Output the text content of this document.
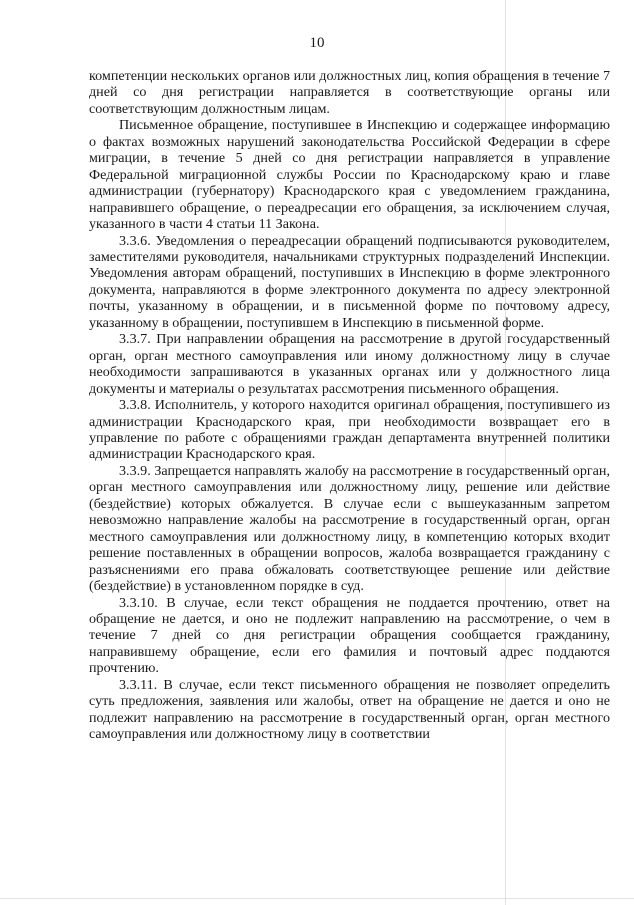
10

компетенции нескольких органов или должностных лиц, копия обращения в течение 7 дней со дня регистрации направляется в соответствующие органы или соответствующим должностным лицам.

Письменное обращение, поступившее в Инспекцию и содержащее информацию о фактах возможных нарушений законодательства Российской Федерации в сфере миграции, в течение 5 дней со дня регистрации направляется в управление Федеральной миграционной службы России по Краснодарскому краю и главе администрации (губернатору) Краснодарского края с уведомлением гражданина, направившего обращение, о переадресации его обращения, за исключением случая, указанного в части 4 статьи 11 Закона.

3.3.6. Уведомления о переадресации обращений подписываются руководителем, заместителями руководителя, начальниками структурных подразделений Инспекции. Уведомления авторам обращений, поступивших в Инспекцию в форме электронного документа, направляются в форме электронного документа по адресу электронной почты, указанному в обращении, и в письменной форме по почтовому адресу, указанному в обращении, поступившем в Инспекцию в письменной форме.

3.3.7. При направлении обращения на рассмотрение в другой государственный орган, орган местного самоуправления или иному должностному лицу в случае необходимости запрашиваются в указанных органах или у должностного лица документы и материалы о результатах рассмотрения письменного обращения.

3.3.8. Исполнитель, у которого находится оригинал обращения, поступившего из администрации Краснодарского края, при необходимости возвращает его в управление по работе с обращениями граждан департамента внутренней политики администрации Краснодарского края.

3.3.9. Запрещается направлять жалобу на рассмотрение в государственный орган, орган местного самоуправления или должностному лицу, решение или действие (бездействие) которых обжалуется. В случае если с вышеуказанным запретом невозможно направление жалобы на рассмотрение в государственный орган, орган местного самоуправления или должностному лицу, в компетенцию которых входит решение поставленных в обращении вопросов, жалоба возвращается гражданину с разъяснениями его права обжаловать соответствующее решение или действие (бездействие) в установленном порядке в суд.

3.3.10. В случае, если текст обращения не поддается прочтению, ответ на обращение не дается, и оно не подлежит направлению на рассмотрение, о чем в течение 7 дней со дня регистрации обращения сообщается гражданину, направившему обращение, если его фамилия и почтовый адрес поддаются прочтению.

3.3.11. В случае, если текст письменного обращения не позволяет определить суть предложения, заявления или жалобы, ответ на обращение не дается и оно не подлежит направлению на рассмотрение в государственный орган, орган местного самоуправления или должностному лицу в соответствии
